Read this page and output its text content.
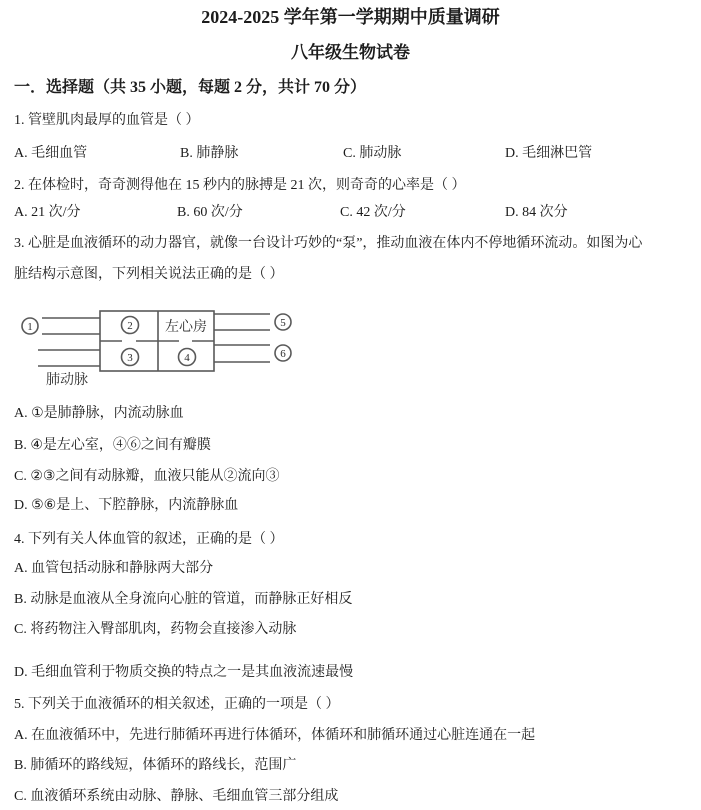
2024-2025 学年第一学期期中质量调研
八年级生物试卷
一．选择题（共 35 小题，每题 2 分，共计 70 分）
1. 管壁肌肉最厚的血管是（ ）
A. 毛细血管	B. 肺静脉	C. 肺动脉	D. 毛细淋巴管
2. 在体检时，奇奇测得他在 15 秒内的脉搏是 21 次，则奇奇的心率是（ ）
A. 21 次/分	B. 60 次/分	C. 42 次/分	D. 84 次分
3. 心脏是血液循环的动力器官，就像一台设计巧妙的“泵”，推动血液在体内不停地循环流动。如图为心
脏结构示意图，下列相关说法正确的是（ ）
1	2
3	4
5
6
左心房
肺动脉
A. ①是肺静脉，内流动脉血
B. ④是左心室，④⑥之间有瓣膜
C. ②③之间有动脉瓣，血液只能从②流向③
D. ⑤⑥是上、下腔静脉，内流静脉血
4. 下列有关人体血管的叙述，正确的是（ ）
A. 血管包括动脉和静脉两大部分
B. 动脉是血液从全身流向心脏的管道，而静脉正好相反
C. 将药物注入臀部肌肉，药物会直接渗入动脉
D. 毛细血管利于物质交换的特点之一是其血液流速最慢
5. 下列关于血液循环的相关叙述，正确的一项是（ ）
A. 在血液循环中，先进行肺循环再进行体循环，体循环和肺循环通过心脏连通在一起
B. 肺循环的路线短，体循环的路线长，范围广
C. 血液循环系统由动脉、静脉、毛细血管三部分组成
